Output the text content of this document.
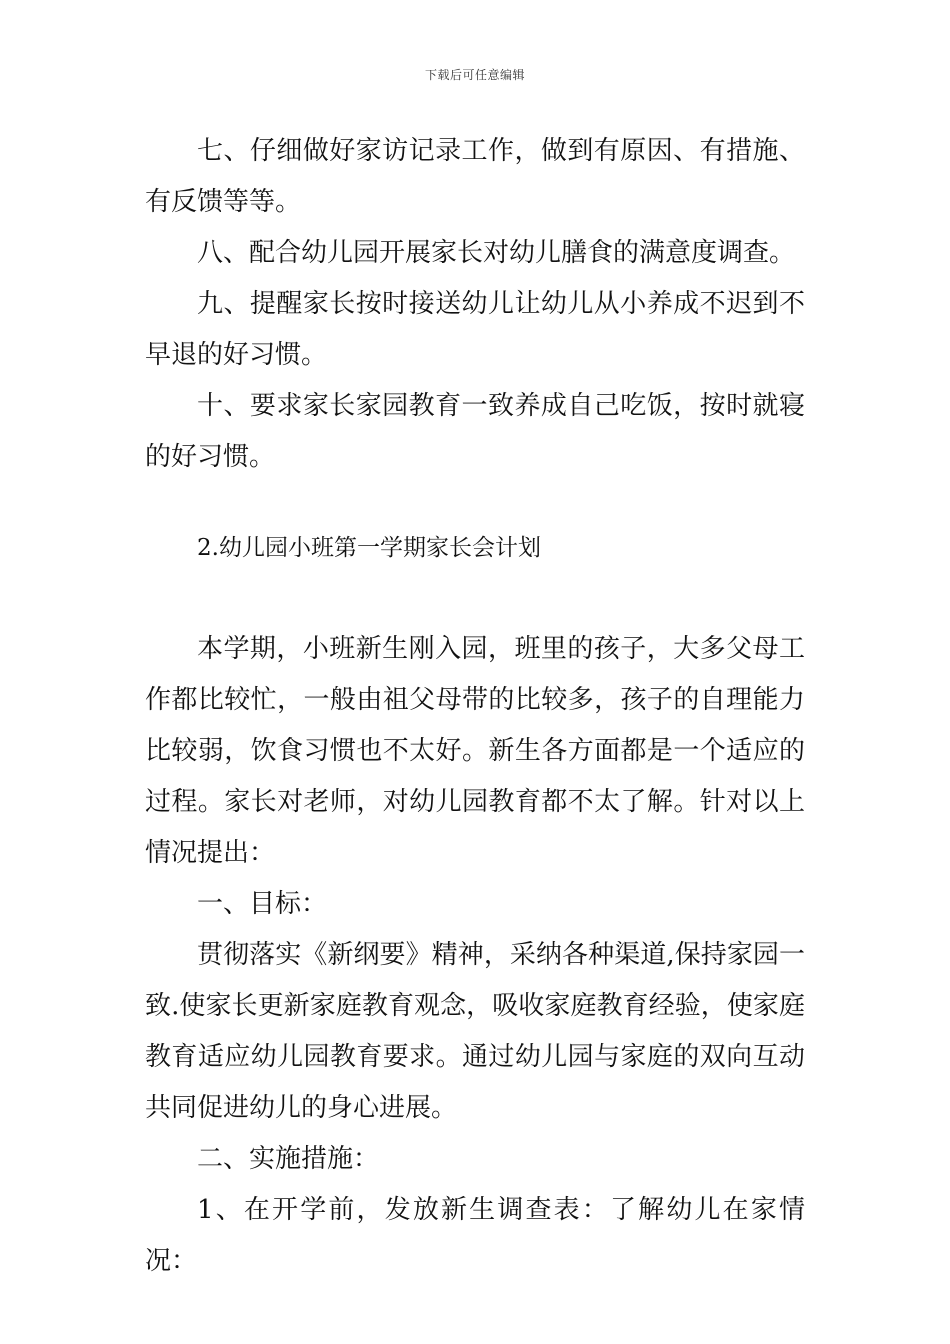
下载后可任意编辑

七、仔细做好家访记录工作，做到有原因、有措施、有反馈等等。

八、配合幼儿园开展家长对幼儿膳食的满意度调查。

九、提醒家长按时接送幼儿让幼儿从小养成不迟到不早退的好习惯。

十、要求家长家园教育一致养成自己吃饭，按时就寝的好习惯。

2.幼儿园小班第一学期家长会计划

本学期，小班新生刚入园，班里的孩子，大多父母工作都比较忙，一般由祖父母带的比较多，孩子的自理能力比较弱，饮食习惯也不太好。新生各方面都是一个适应的过程。家长对老师，对幼儿园教育都不太了解。针对以上情况提出：

一、目标：

贯彻落实《新纲要》精神，采纳各种渠道,保持家园一致.使家长更新家庭教育观念，吸收家庭教育经验，使家庭教育适应幼儿园教育要求。通过幼儿园与家庭的双向互动共同促进幼儿的身心进展。

二、实施措施：

1、在开学前，发放新生调查表：了解幼儿在家情况：
